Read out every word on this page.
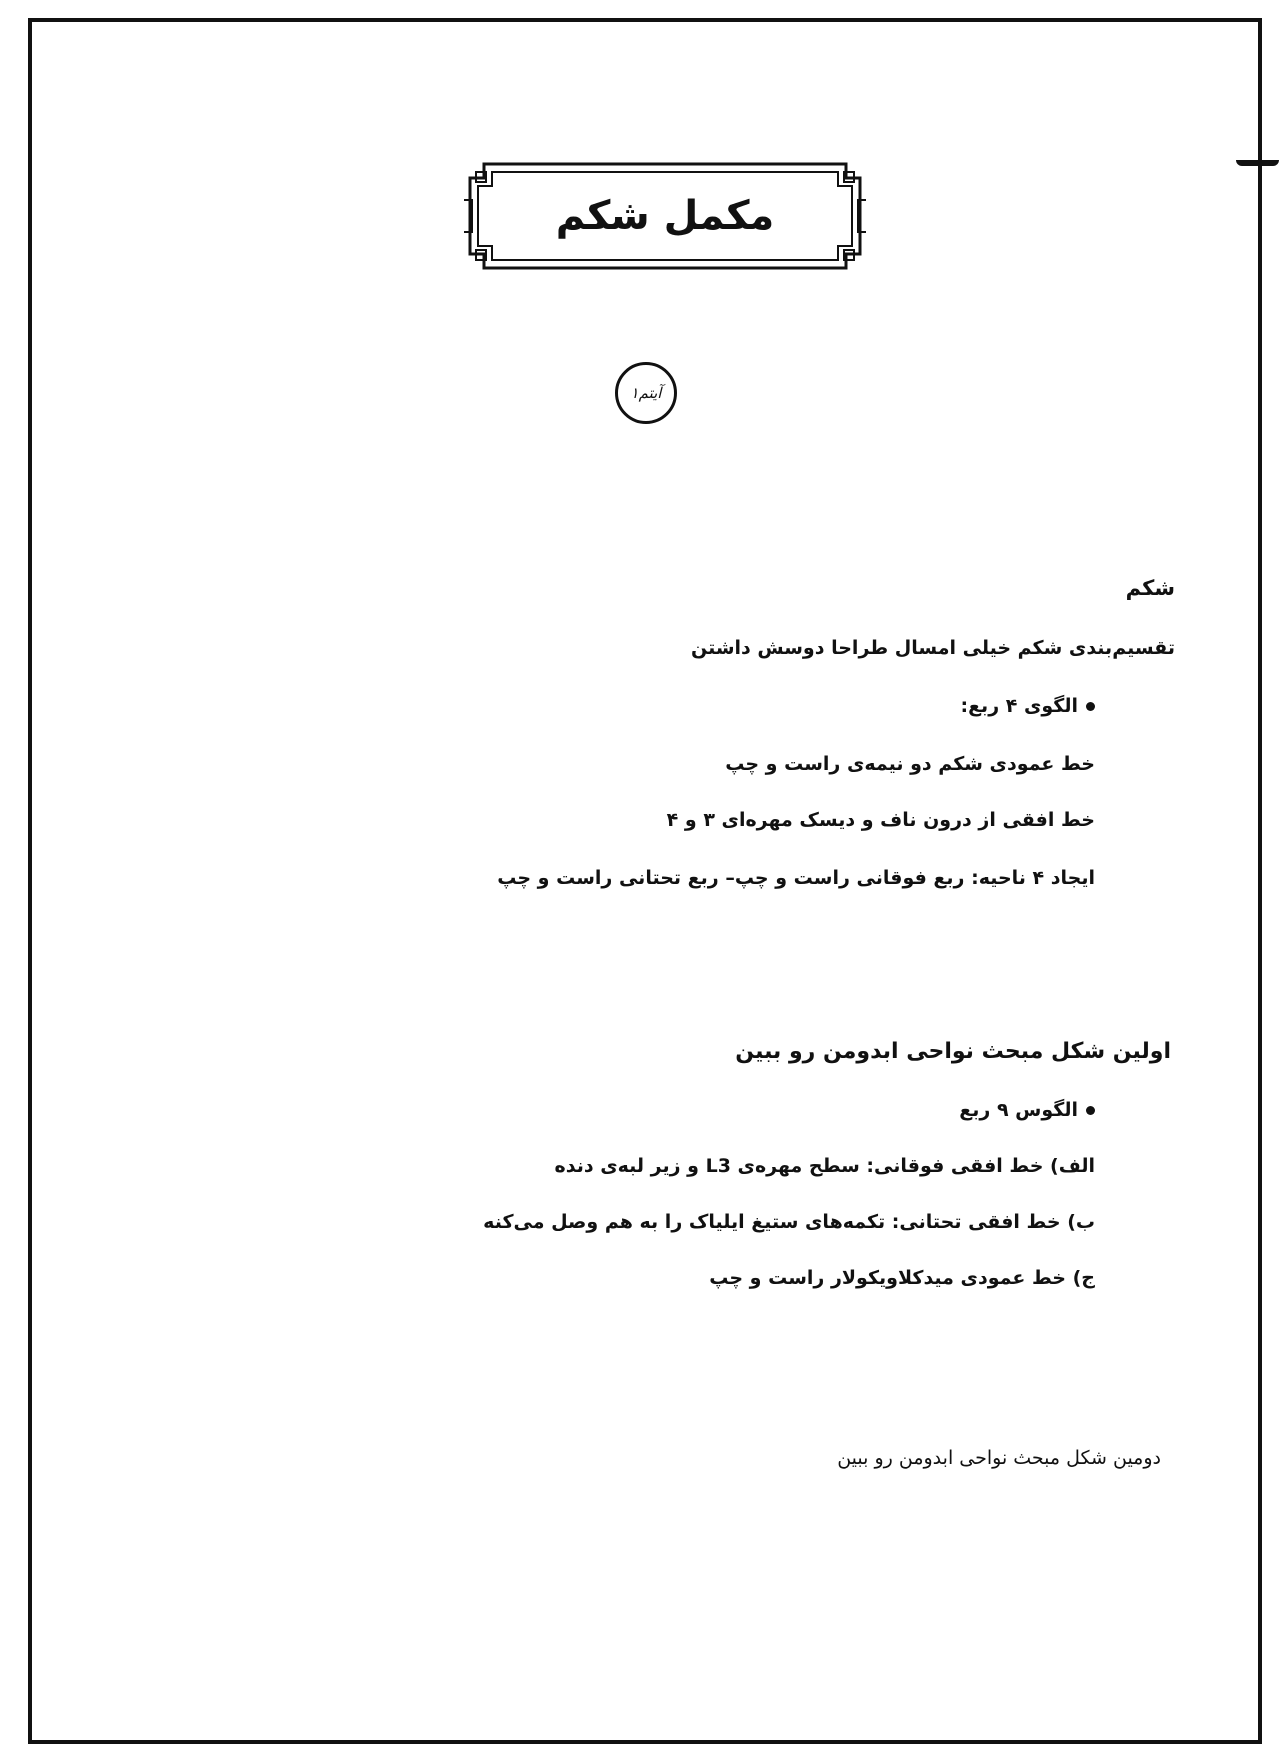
مکمل شکم
آیتم۱
شکم
تقسیم‌بندی شکم خیلی امسال طراحا دوسش داشتن
الگوی ۴ ربع:
خط عمودی شکم دو نیمه‌ی راست و چپ
خط افقی از درون ناف و دیسک مهره‌ای ۳ و ۴
ایجاد ۴ ناحیه: ربع فوقانی راست و چپ– ربع تحتانی راست و چپ
اولین شکل مبحث نواحی ابدومن رو ببین
الگوس ۹ ربع
الف) خط افقی فوقانی: سطح مهره‌ی L3 و زیر لبه‌ی دنده
ب) خط افقی تحتانی: تکمه‌های ستیغ ایلیاک را به هم وصل می‌کنه
ج) خط عمودی میدکلاویکولار راست و چپ
دومین شکل مبحث نواحی ابدومن رو ببین
